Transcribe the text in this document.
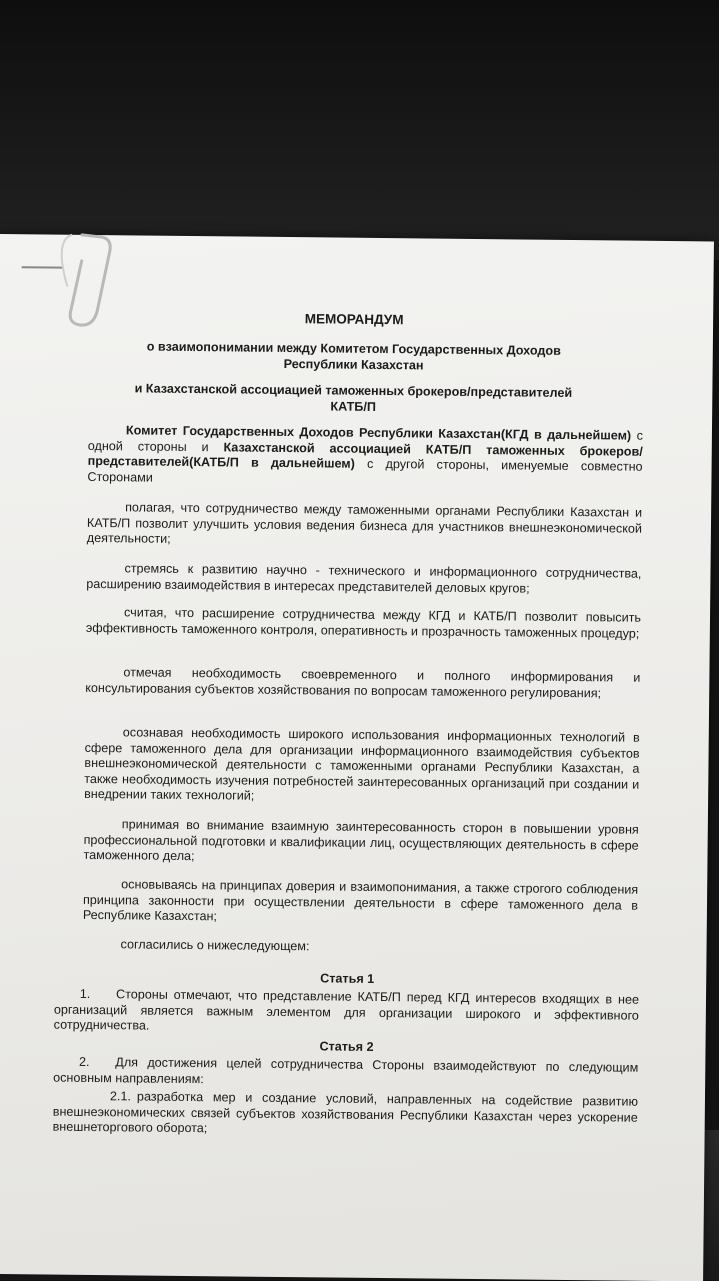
МЕМОРАНДУМ
о взаимопонимании между Комитетом Государственных Доходов
Республики Казахстан
и Казахстанской ассоциацией таможенных брокеров/представителей
КАТБ/П
Комитет Государственных Доходов Республики Казахстан(КГД в дальнейшем) с одной стороны и Казахстанской ассоциацией КАТБ/П таможенных брокеров/представителей(КАТБ/П в дальнейшем) с другой стороны, именуемые совместно Сторонами
полагая, что сотрудничество между таможенными органами Республики Казахстан и КАТБ/П позволит улучшить условия ведения бизнеса для участников внешнеэкономической деятельности;
стремясь к развитию научно - технического и информационного сотрудничества, расширению взаимодействия в интересах представителей деловых кругов;
считая, что расширение сотрудничества между КГД и КАТБ/П позволит повысить эффективность таможенного контроля, оперативность и прозрачность таможенных процедур;
отмечая необходимость своевременного и полного информирования и консультирования субъектов хозяйствования по вопросам таможенного регулирования;
осознавая необходимость широкого использования информационных технологий в сфере таможенного дела для организации информационного взаимодействия субъектов внешнеэкономической деятельности с таможенными органами Республики Казахстан, а также необходимость изучения потребностей заинтересованных организаций при создании и внедрении таких технологий;
принимая во внимание взаимную заинтересованность сторон в повышении уровня профессиональной подготовки и квалификации лиц, осуществляющих деятельность в сфере таможенного дела;
основываясь на принципах доверия и взаимопонимания, а также строгого соблюдения принципа законности при осуществлении деятельности в сфере таможенного дела в Республике Казахстан;
согласились о нижеследующем:
Статья 1
1. Стороны отмечают, что представление КАТБ/П перед КГД интересов входящих в нее организаций является важным элементом для организации широкого и эффективного сотрудничества.
Статья 2
2. Для достижения целей сотрудничества Стороны взаимодействуют по следующим основным направлениям:
2.1. разработка мер и создание условий, направленных на содействие развитию внешнеэкономических связей субъектов хозяйствования Республики Казахстан через ускорение внешнеторгового оборота;
